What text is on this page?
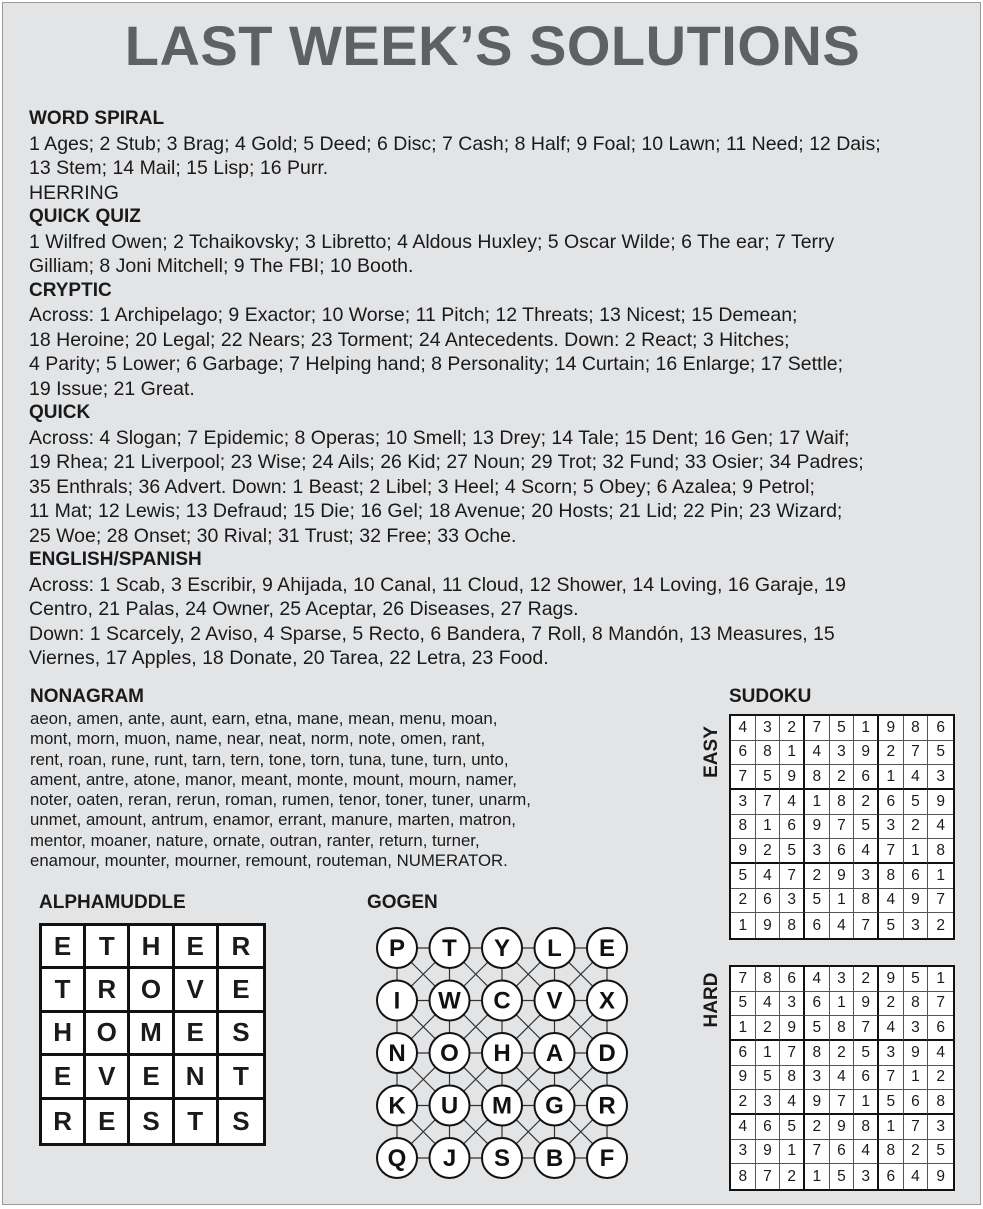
LAST WEEK’S SOLUTIONS

WORD SPIRAL

1 Ages; 2 Stub; 3 Brag; 4 Gold; 5 Deed; 6 Disc; 7 Cash; 8 Half; 9 Foal; 10 Lawn; 11 Need; 12 Dais;

13 Stem; 14 Mail; 15 Lisp; 16 Purr.

HERRING

QUICK QUIZ

1 Wilfred Owen; 2 Tchaikovsky; 3 Libretto; 4 Aldous Huxley; 5 Oscar Wilde; 6 The ear; 7 Terry

Gilliam; 8 Joni Mitchell; 9 The FBI; 10 Booth.

CRYPTIC

Across: 1 Archipelago; 9 Exactor; 10 Worse; 11 Pitch; 12 Threats; 13 Nicest; 15 Demean;

18 Heroine; 20 Legal; 22 Nears; 23 Torment; 24 Antecedents. Down: 2 React; 3 Hitches;

4 Parity; 5 Lower; 6 Garbage; 7 Helping hand; 8 Personality; 14 Curtain; 16 Enlarge; 17 Settle;

19 Issue; 21 Great.

QUICK

Across: 4 Slogan; 7 Epidemic; 8 Operas; 10 Smell; 13 Drey; 14 Tale; 15 Dent; 16 Gen; 17 Waif;

19 Rhea; 21 Liverpool; 23 Wise; 24 Ails; 26 Kid; 27 Noun; 29 Trot; 32 Fund; 33 Osier; 34 Padres;

35 Enthrals; 36 Advert. Down: 1 Beast; 2 Libel; 3 Heel; 4 Scorn; 5 Obey; 6 Azalea; 9 Petrol;

11 Mat; 12 Lewis; 13 Defraud; 15 Die; 16 Gel; 18 Avenue; 20 Hosts; 21 Lid; 22 Pin; 23 Wizard;

25 Woe; 28 Onset; 30 Rival; 31 Trust; 32 Free; 33 Oche.

ENGLISH/SPANISH

Across: 1 Scab, 3 Escribir, 9 Ahijada, 10 Canal, 11 Cloud, 12 Shower, 14 Loving, 16 Garaje, 19

Centro, 21 Palas, 24 Owner, 25 Aceptar, 26 Diseases, 27 Rags.

Down: 1 Scarcely, 2 Aviso, 4 Sparse, 5 Recto, 6 Bandera, 7 Roll, 8 Mandón, 13 Measures, 15

Viernes, 17 Apples, 18 Donate, 20 Tarea, 22 Letra, 23 Food.

NONAGRAM
aeon, amen, ante, aunt, earn, etna, mane, mean, menu, moan,
mont, morn, muon, name, near, neat, norm, note, omen, rant,
rent, roan, rune, runt, tarn, tern, tone, torn, tuna, tune, turn, unto,
ament, antre, atone, manor, meant, monte, mount, mourn, namer,
noter, oaten, reran, rerun, roman, rumen, tenor, toner, tuner, unarm,
unmet, amount, antrum, enamor, errant, manure, marten, matron,
mentor, moaner, nature, ornate, outran, ranter, return, turner,
enamour, mounter, mourner, remount, routeman, NUMERATOR.
SUDOKU
EASY	4	3	2	7	5	1	9	8	6
6	8	1	4	3	9	2	7	5
7	5	9	8	2	6	1	4	3
3	7	4	1	8	2	6	5	9
8	1	6	9	7	5	3	2	4
9	2	5	3	6	4	7	1	8
5	4	7	2	9	3	8	6	1
2	6	3	5	1	8	4	9	7
1	9	8	6	4	7	5	3	2
HARD	7	8	6	4	3	2	9	5	1
5	4	3	6	1	9	2	8	7
1	2	9	5	8	7	4	3	6
6	1	7	8	2	5	3	9	4
9	5	8	3	4	6	7	1	2
2	3	4	9	7	1	5	6	8
4	6	5	2	9	8	1	7	3
3	9	1	7	6	4	8	2	5
8	7	2	1	5	3	6	4	9
ALPHAMUDDLE
E	T	H	E	R
T	R O V	E
H O M E	S
E	V	E	N	T
R	E	S	T	S
GOGEN
P T Y L E
I W C V X
N O H A D
K U M G R
Q J S B F
